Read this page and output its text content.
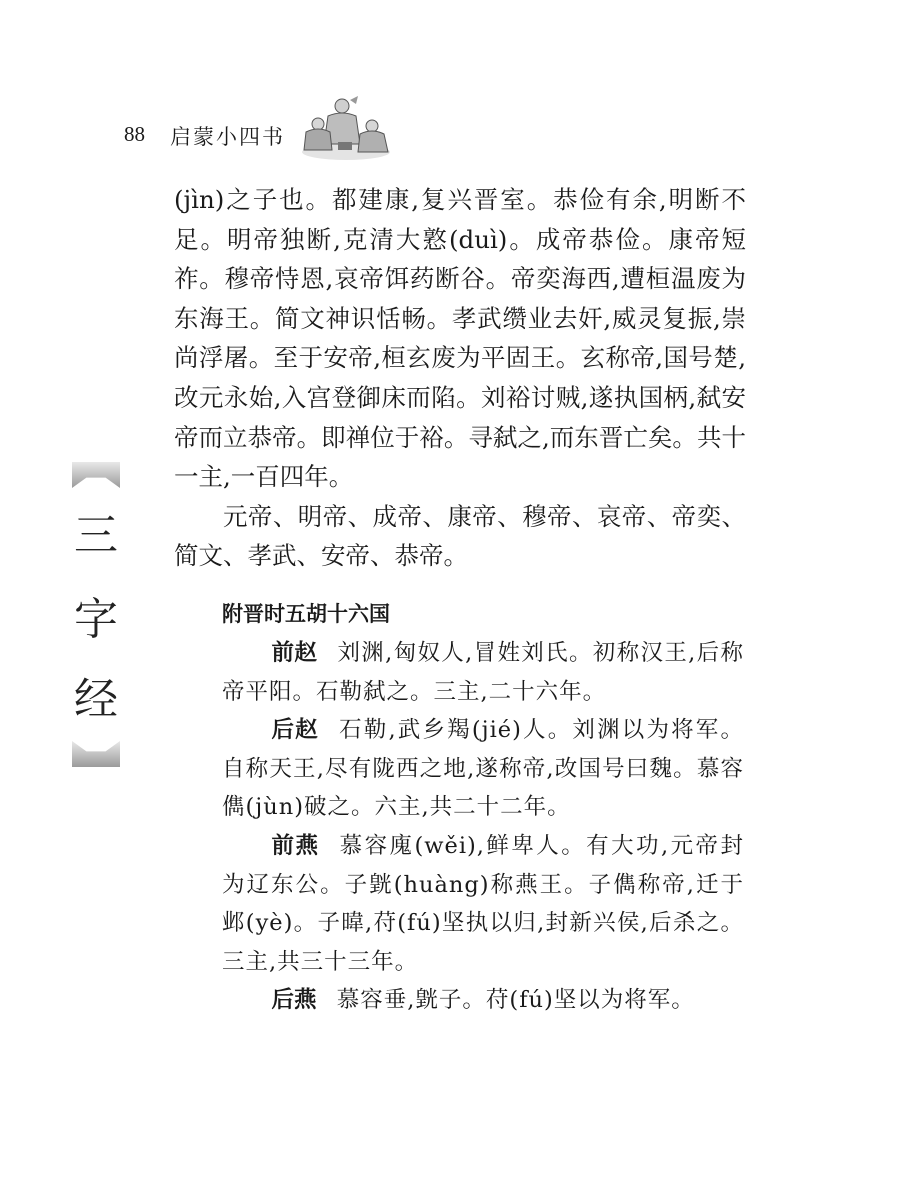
88 启蒙小四书

(jìn)之子也。都建康,复兴晋室。恭俭有余,明断不足。明帝独断,克清大憝(duì)。成帝恭俭。康帝短祚。穆帝恃恩,哀帝饵药断谷。帝奕海西,遭桓温废为东海王。简文神识恬畅。孝武缵业去奸,威灵复振,崇尚浮屠。至于安帝,桓玄废为平固王。玄称帝,国号楚,改元永始,入宫登御床而陷。刘裕讨贼,遂执国柄,弑安帝而立恭帝。即禅位于裕。寻弑之,而东晋亡矣。共十一主,一百四年。

元帝、明帝、成帝、康帝、穆帝、哀帝、帝奕、简文、孝武、安帝、恭帝。

三
字
经
附晋时五胡十六国

前赵 刘渊,匈奴人,冒姓刘氏。初称汉王,后称帝平阳。石勒弑之。三主,二十六年。

后赵 石勒,武乡羯(jié)人。刘渊以为将军。自称天王,尽有陇西之地,遂称帝,改国号曰魏。慕容儁(jùn)破之。六主,共二十二年。

前燕 慕容廆(wěi),鲜卑人。有大功,元帝封为辽东公。子皝(huàng)称燕王。子儁称帝,迁于邺(yè)。子暐,苻(fú)坚执以归,封新兴侯,后杀之。三主,共三十三年。

后燕 慕容垂,皝子。苻(fú)坚以为将军。
